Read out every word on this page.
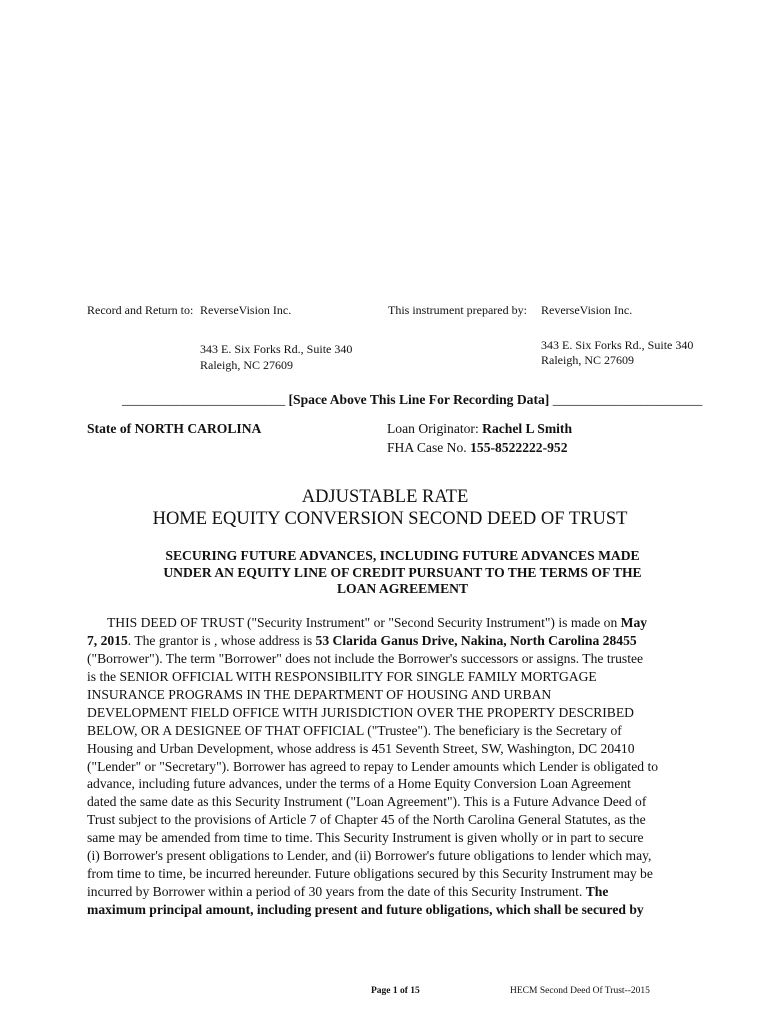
Record and Return to: ReverseVision Inc.
343 E. Six Forks Rd., Suite 340
Raleigh, NC 27609
This instrument prepared by: ReverseVision Inc.
343 E. Six Forks Rd., Suite 340
Raleigh, NC 27609
________________________ [Space Above This Line For Recording Data] ______________________
State of NORTH CAROLINA	Loan Originator: Rachel L Smith
FHA Case No. 155-8522222-952
ADJUSTABLE RATE
HOME EQUITY CONVERSION SECOND DEED OF TRUST
SECURING FUTURE ADVANCES, INCLUDING FUTURE ADVANCES MADE
UNDER AN EQUITY LINE OF CREDIT PURSUANT TO THE TERMS OF THE
LOAN AGREEMENT
THIS DEED OF TRUST ("Security Instrument" or "Second Security Instrument") is made on May
7, 2015. The grantor is , whose address is 53 Clarida Ganus Drive, Nakina, North Carolina 28455
("Borrower"). The term "Borrower" does not include the Borrower's successors or assigns. The trustee
is the SENIOR OFFICIAL WITH RESPONSIBILITY FOR SINGLE FAMILY MORTGAGE
INSURANCE PROGRAMS IN THE DEPARTMENT OF HOUSING AND URBAN
DEVELOPMENT FIELD OFFICE WITH JURISDICTION OVER THE PROPERTY DESCRIBED
BELOW, OR A DESIGNEE OF THAT OFFICIAL ("Trustee"). The beneficiary is the Secretary of
Housing and Urban Development, whose address is 451 Seventh Street, SW, Washington, DC 20410
("Lender" or "Secretary"). Borrower has agreed to repay to Lender amounts which Lender is obligated to
advance, including future advances, under the terms of a Home Equity Conversion Loan Agreement
dated the same date as this Security Instrument ("Loan Agreement"). This is a Future Advance Deed of
Trust subject to the provisions of Article 7 of Chapter 45 of the North Carolina General Statutes, as the
same may be amended from time to time. This Security Instrument is given wholly or in part to secure
(i) Borrower's present obligations to Lender, and (ii) Borrower's future obligations to lender which may,
from time to time, be incurred hereunder. Future obligations secured by this Security Instrument may be
incurred by Borrower within a period of 30 years from the date of this Security Instrument. The
maximum principal amount, including present and future obligations, which shall be secured by
Page 1 of 15	HECM Second Deed Of Trust--2015
